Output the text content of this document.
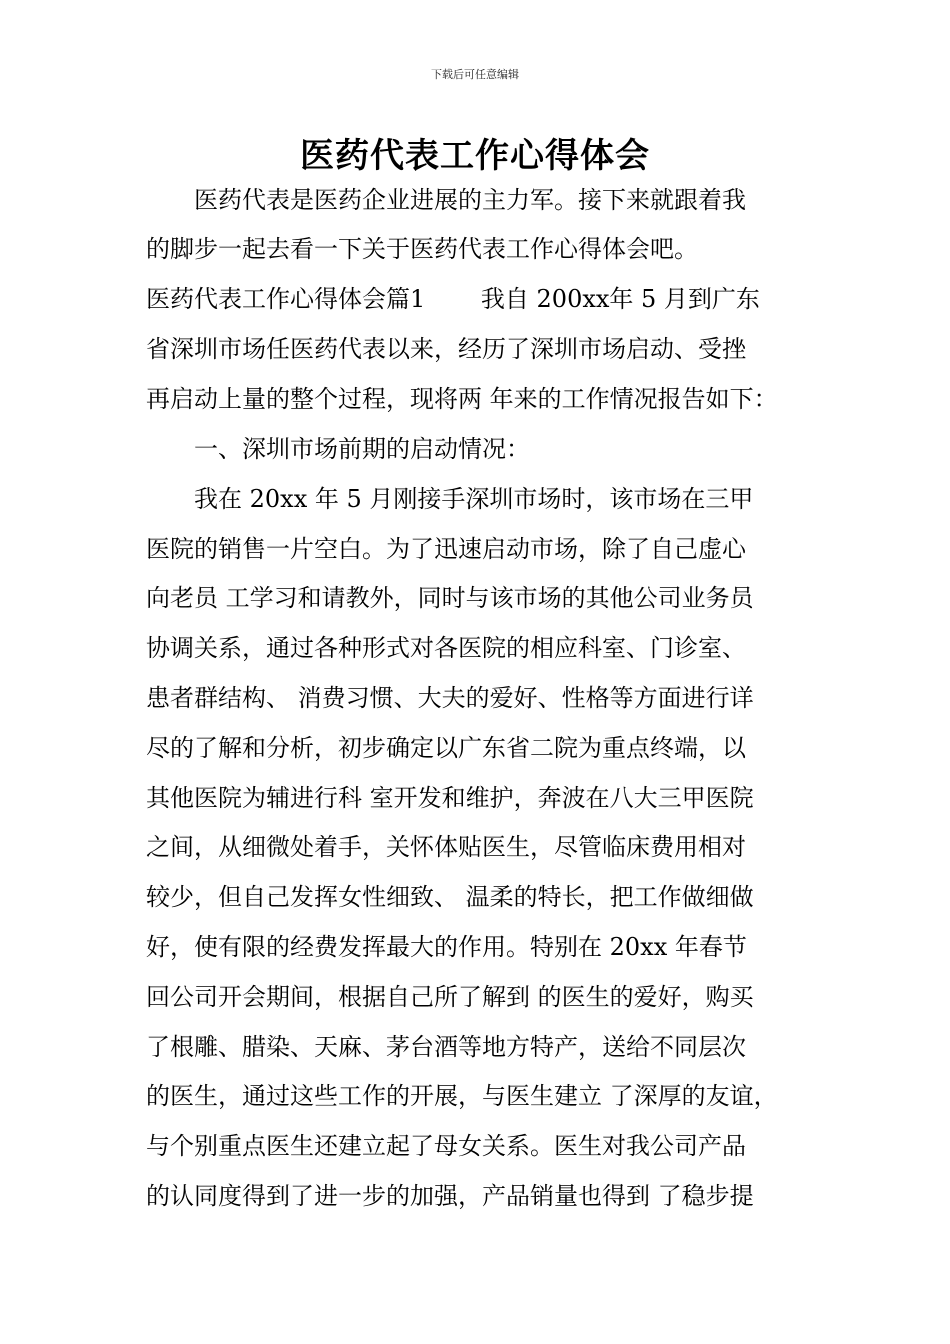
下载后可任意编辑
医药代表工作心得体会
　　医药代表是医药企业进展的主力军。接下来就跟着我
的脚步一起去看一下关于医药代表工作心得体会吧。
医药代表工作心得体会篇1　　 我自 200xx年 5 月到广东
省深圳市场任医药代表以来，经历了深圳市场启动、受挫
再启动上量的整个过程，现将两 年来的工作情况报告如下：
　　一、深圳市场前期的启动情况：
　　我在 20xx 年 5 月刚接手深圳市场时，该市场在三甲
医院的销售一片空白。为了迅速启动市场，除了自己虚心
向老员 工学习和请教外，同时与该市场的其他公司业务员
协调关系，通过各种形式对各医院的相应科室、门诊室、
患者群结构、 消费习惯、大夫的爱好、性格等方面进行详
尽的了解和分析，初步确定以广东省二院为重点终端，以
其他医院为辅进行科 室开发和维护，奔波在八大三甲医院
之间，从细微处着手，关怀体贴医生，尽管临床费用相对
较少，但自己发挥女性细致、 温柔的特长，把工作做细做
好，使有限的经费发挥最大的作用。特别在 20xx 年春节
回公司开会期间，根据自己所了解到 的医生的爱好，购买
了根雕、腊染、天麻、茅台酒等地方特产，送给不同层次
的医生，通过这些工作的开展，与医生建立 了深厚的友谊，
与个别重点医生还建立起了母女关系。医生对我公司产品
的认同度得到了进一步的加强，产品销量也得到 了稳步提
